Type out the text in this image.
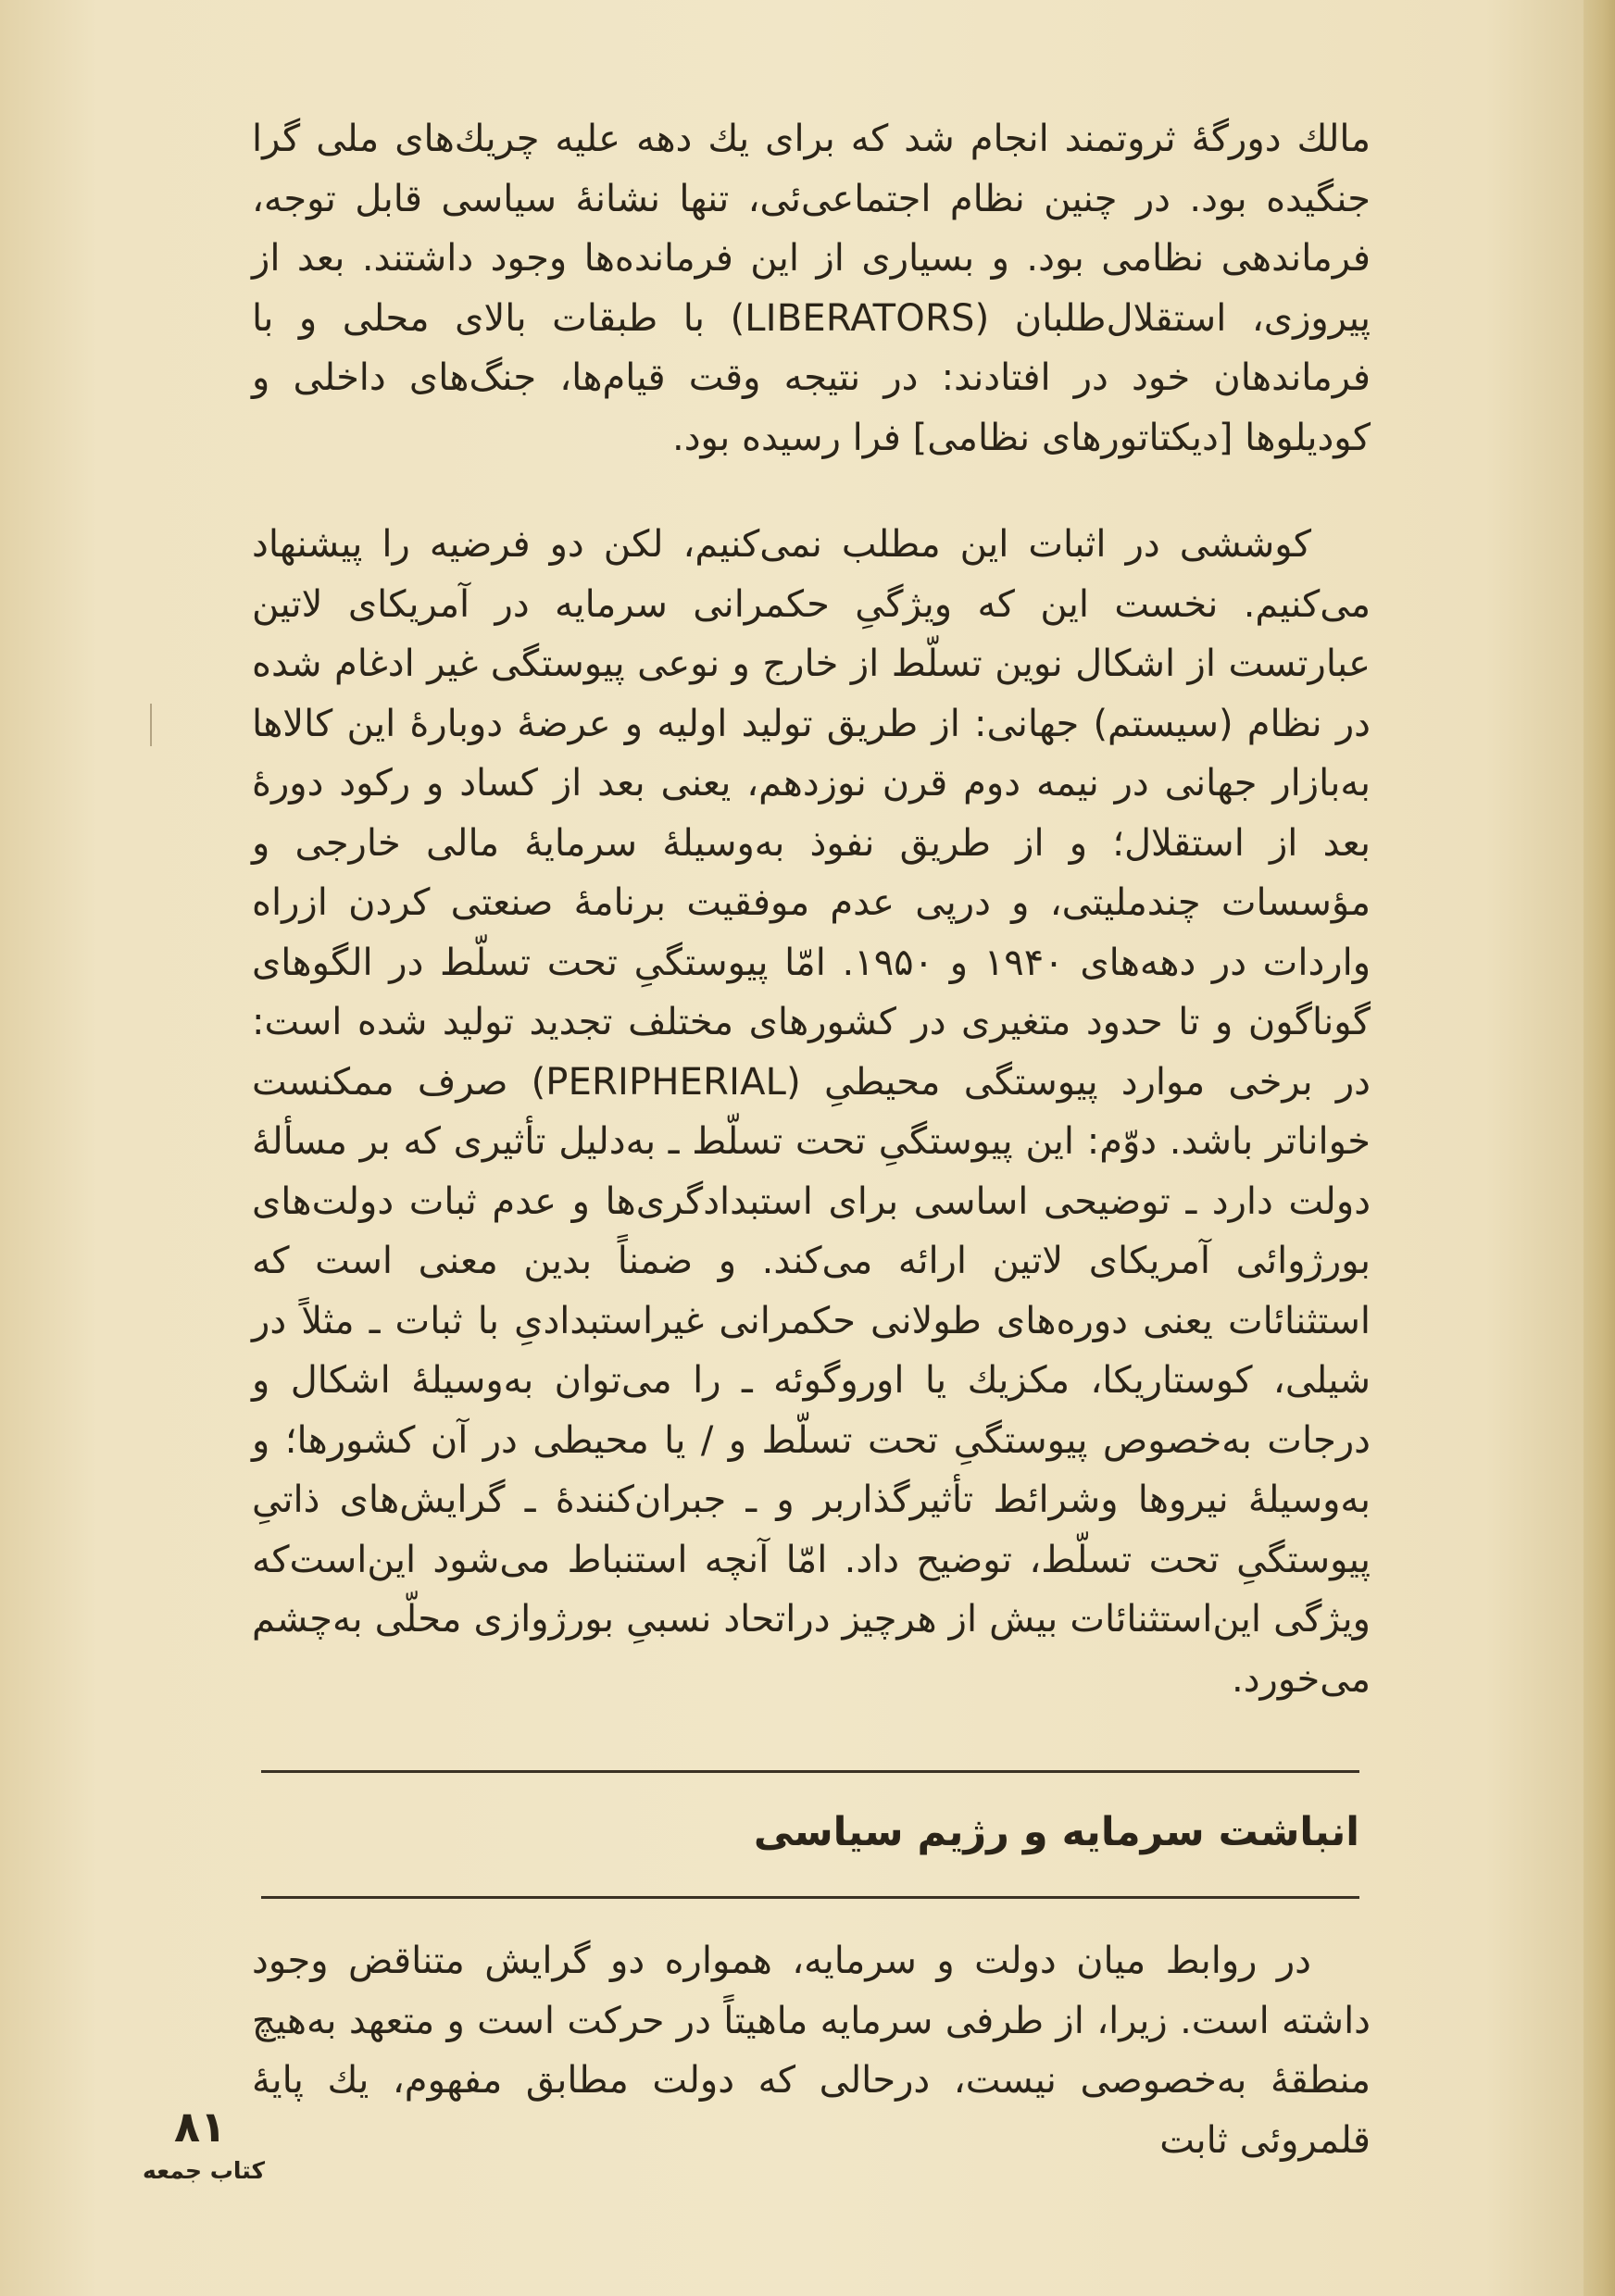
مالك دورگهٔ ثروتمند انجام شد که برای یك دهه علیه چریك‌های ملی گرا جنگیده بود. در چنین نظام اجتماعی‌ئی، تنها نشانهٔ سیاسی قابل توجه، فرماندهی نظامی بود. و بسیاری از این فرمانده‌ها وجود داشتند. بعد از پیروزی، استقلال‌طلبان (LIBERATORS) با طبقات بالای محلی و با فرماندهان خود در افتادند: در نتیجه وقت قیام‌ها، جنگ‌های داخلی و کودیلوها [دیکتاتورهای نظامی] فرا رسیده بود.

کوششی در اثبات این مطلب نمی‌کنیم، لکن دو فرضیه را پیشنهاد می‌کنیم. نخست این که ویژگیِ حکمرانی سرمایه در آمریکای لاتین عبارتست از اشکال نوین تسلّط از خارج و نوعی پیوستگی غیر ادغام شده در نظام (سیستم) جهانی: از طریق تولید اولیه و عرضهٔ دوبارهٔ این کالاها به‌بازار جهانی در نیمه دوم قرن نوزدهم، یعنی بعد از کساد و رکود دورهٔ بعد از استقلال؛ و از طریق نفوذ به‌وسیلهٔ سرمایهٔ مالی خارجی و مؤسسات چندملیتی، و درپی عدم موفقیت برنامهٔ صنعتی کردن ازراه واردات در دهه‌های ۱۹۴۰ و ۱۹۵۰. امّا پیوستگیِ تحت تسلّط در الگوهای گوناگون و تا حدود متغیری در کشورهای مختلف تجدید تولید شده است: در برخی موارد پیوستگی محیطیِ (PERIPHERIAL) صرف ممکنست خواناتر باشد. دوّم: این پیوستگیِ تحت تسلّط ـ به‌دلیل تأثیری که بر مسألهٔ دولت دارد ـ توضیحی اساسی برای استبدادگری‌ها و عدم ثبات دولت‌های بورژوائی آمریکای لاتین ارائه می‌کند. و ضمناً بدین معنی است که استثنائات یعنی دوره‌های طولانی حکمرانی غیراستبدادیِ با ثبات ـ مثلاً در شیلی، کوستاریکا، مکزیك یا اوروگوئه ـ را می‌توان به‌وسیلهٔ اشکال و درجات به‌خصوص پیوستگیِ تحت تسلّط و / یا محیطی در آن کشورها؛ و به‌وسیلهٔ نیروها وشرائط تأثیرگذاربر و ـ جبران‌کنندهٔ ـ گرایش‌های ذاتیِ پیوستگیِ تحت تسلّط، توضیح داد. امّا آنچه استنباط می‌شود این‌است‌که ویژگی این‌استثنائات بیش از هرچیز دراتحاد نسبیِ بورژوازی محلّی به‌چشم می‌خورد.

انباشت سرمایه و رژیم سیاسی

در روابط میان دولت و سرمایه، همواره دو گرایش متناقض وجود داشته است. زیرا، از طرفی سرمایه ماهیتاً در حرکت است و متعهد به‌هیچ منطقهٔ به‌خصوصی نیست، درحالی که دولت مطابق مفهوم، یك پایهٔ قلمروئی ثابت

۸۱
کتاب جمعه
